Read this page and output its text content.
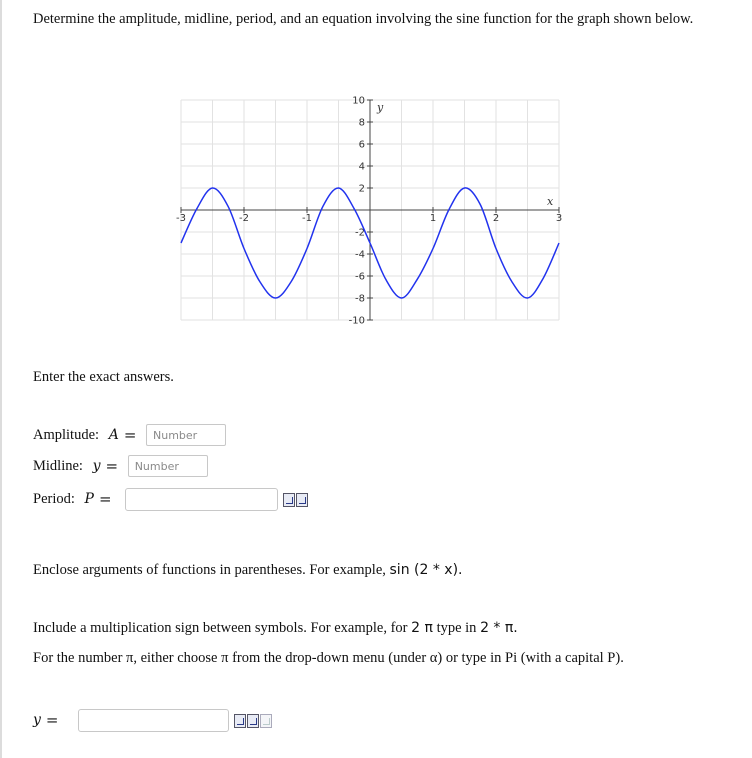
Determine the amplitude, midline, period, and an equation involving the sine function for the graph shown below.
-3	-2	-1	1	2	3
10
8
6
4
2
-2
-4
-6
-8
-10
x
y
Enter the exact answers.
Amplitude: A = Number
Midline: y = Number
Period: P =
Enclose arguments of functions in parentheses. For example, sin (2 * x).
Include a multiplication sign between symbols. For example, for 2 π type in 2 * π.
For the number π, either choose π from the drop-down menu (under α) or type in Pi (with a capital P).
y =
